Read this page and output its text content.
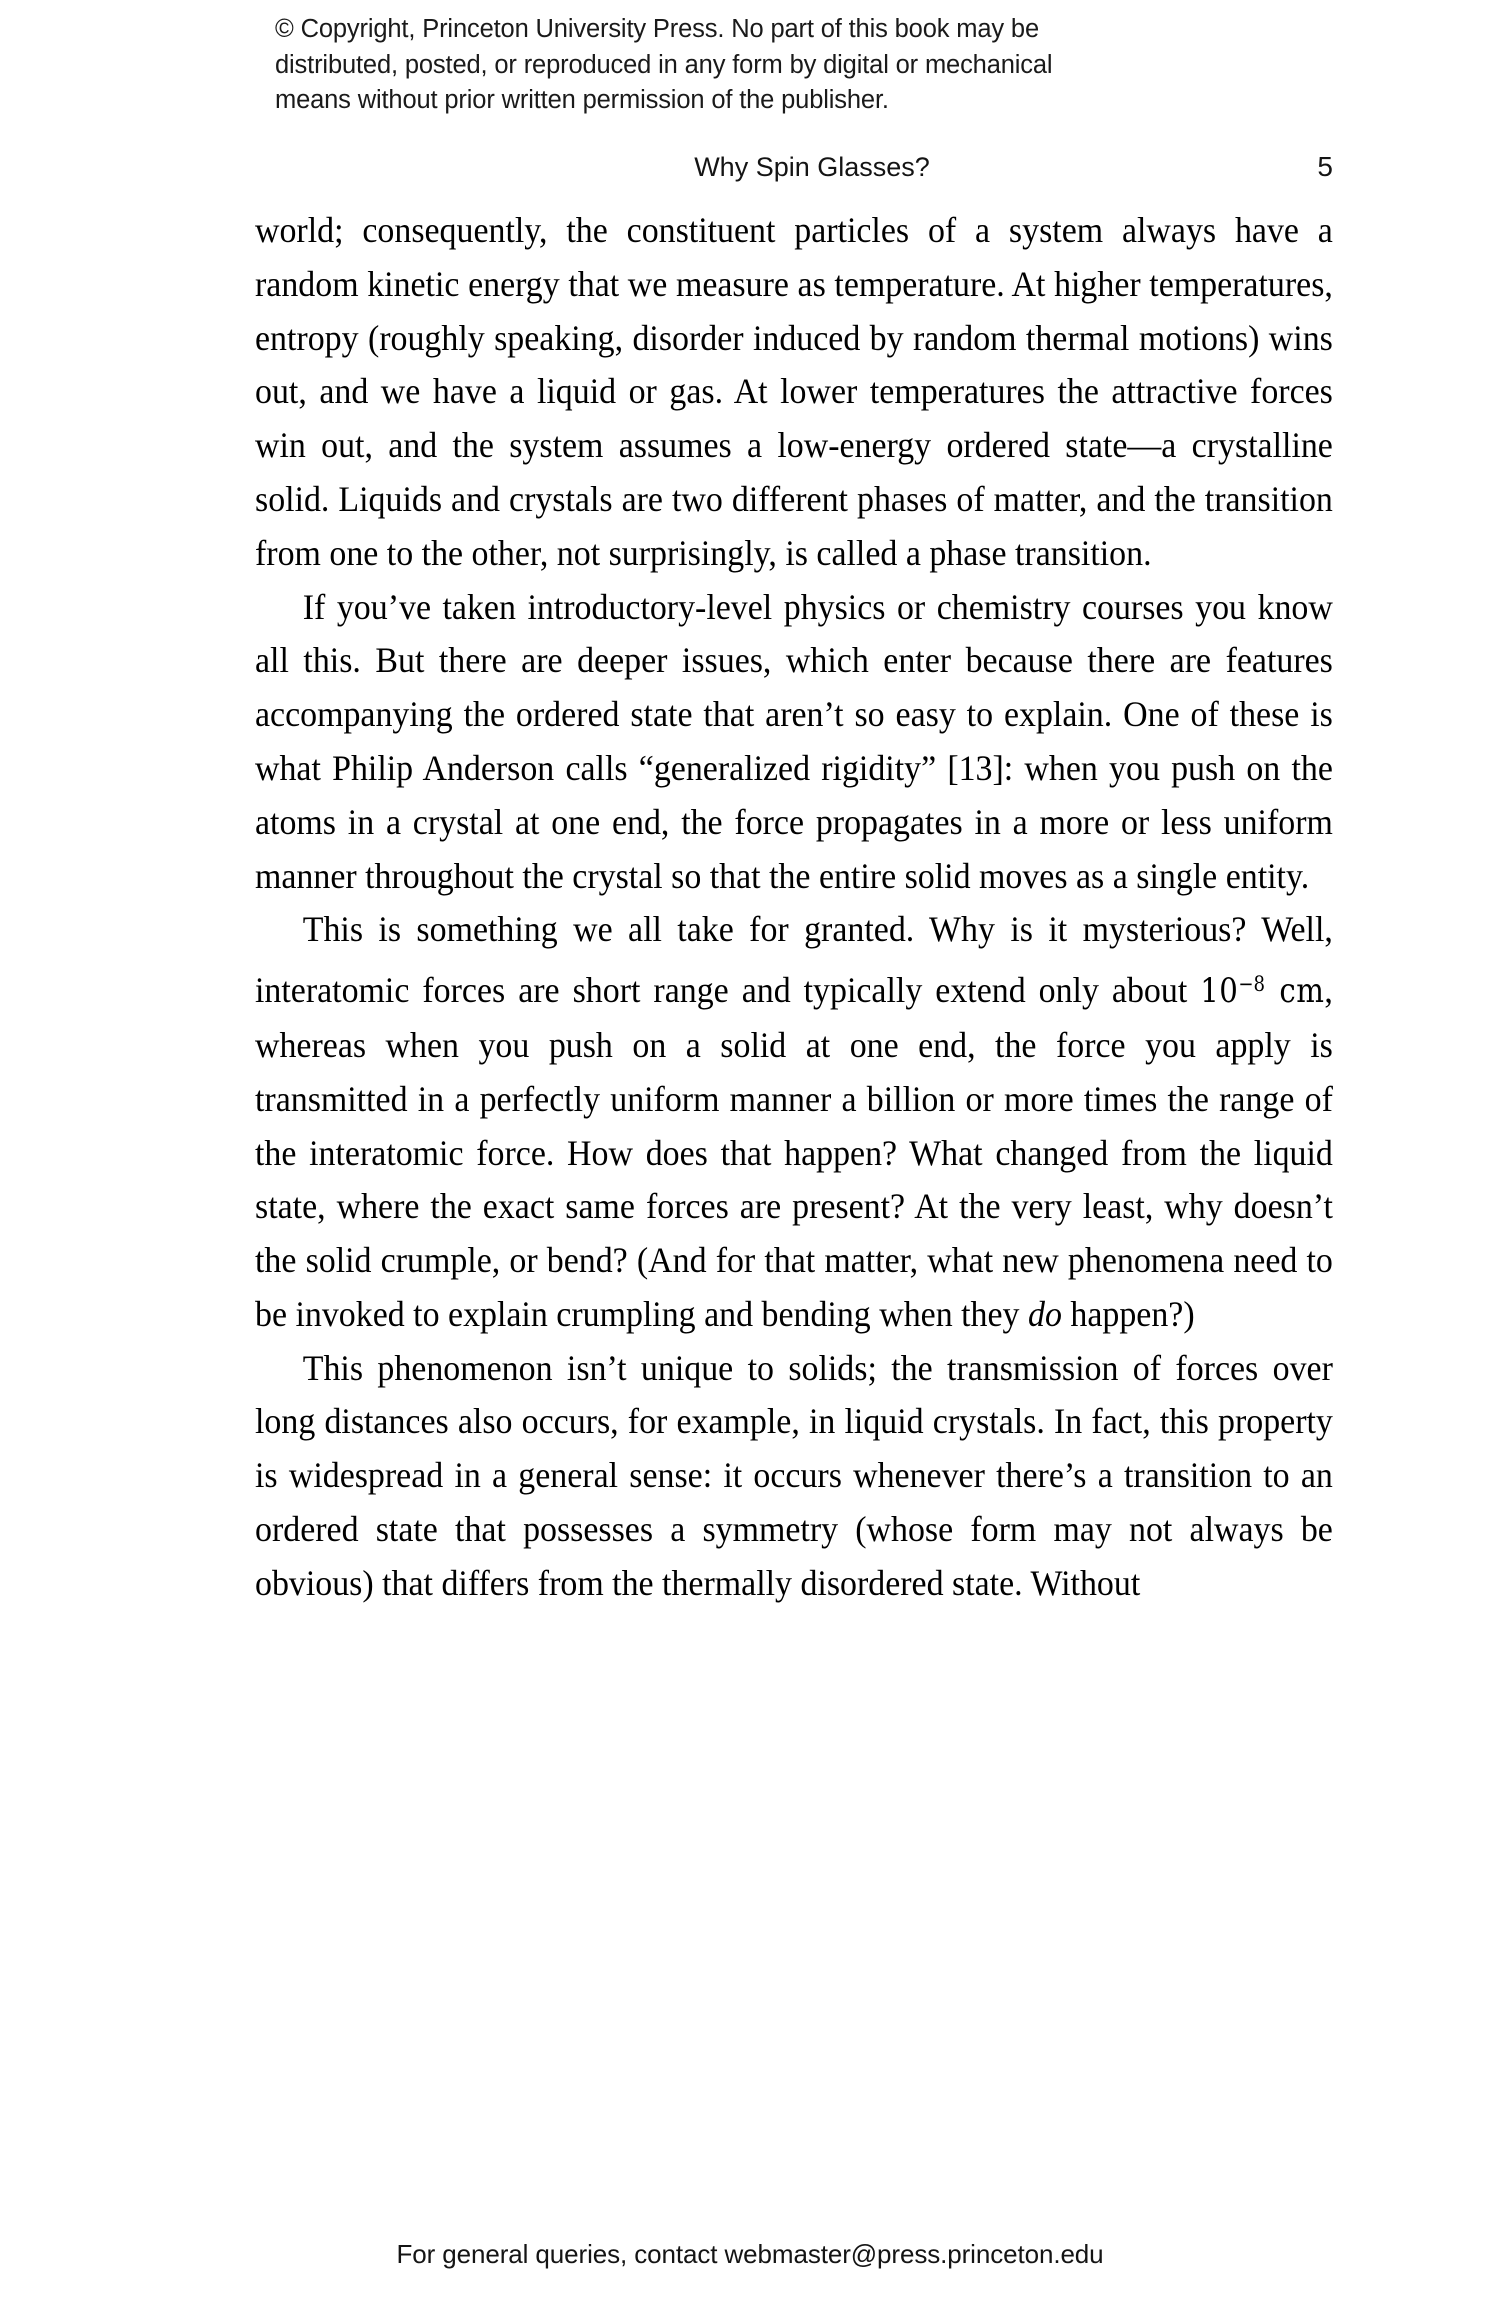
© Copyright, Princeton University Press. No part of this book may be
distributed, posted, or reproduced in any form by digital or mechanical
means without prior written permission of the publisher.
Why Spin Glasses?	5

world; consequently, the constituent particles of a system always have a random kinetic energy that we measure as temperature. At higher temperatures, entropy (roughly speaking, disorder induced by random thermal motions) wins out, and we have a liquid or gas. At lower temperatures the attractive forces win out, and the system assumes a low-energy ordered state—a crystalline solid. Liquids and crystals are two different phases of matter, and the transition from one to the other, not surprisingly, is called a phase transition.

If you’ve taken introductory-level physics or chemistry courses you know all this. But there are deeper issues, which enter because there are features accompanying the ordered state that aren’t so easy to explain. One of these is what Philip Anderson calls “generalized rigidity” [13]: when you push on the atoms in a crystal at one end, the force propagates in a more or less uniform manner throughout the crystal so that the entire solid moves as a single entity.

This is something we all take for granted. Why is it mysterious? Well, interatomic forces are short range and typically extend only about $10^{-8}$ cm, whereas when you push on a solid at one end, the force you apply is transmitted in a perfectly uniform manner a billion or more times the range of the interatomic force. How does that happen? What changed from the liquid state, where the exact same forces are present? At the very least, why doesn’t the solid crumple, or bend? (And for that matter, what new phenomena need to be invoked to explain crumpling and bending when they do happen?)

This phenomenon isn’t unique to solids; the transmission of forces over long distances also occurs, for example, in liquid crystals. In fact, this property is widespread in a general sense: it occurs whenever there’s a transition to an ordered state that possesses a symmetry (whose form may not always be obvious) that differs from the thermally disordered state. Without

For general queries, contact webmaster@press.princeton.edu
